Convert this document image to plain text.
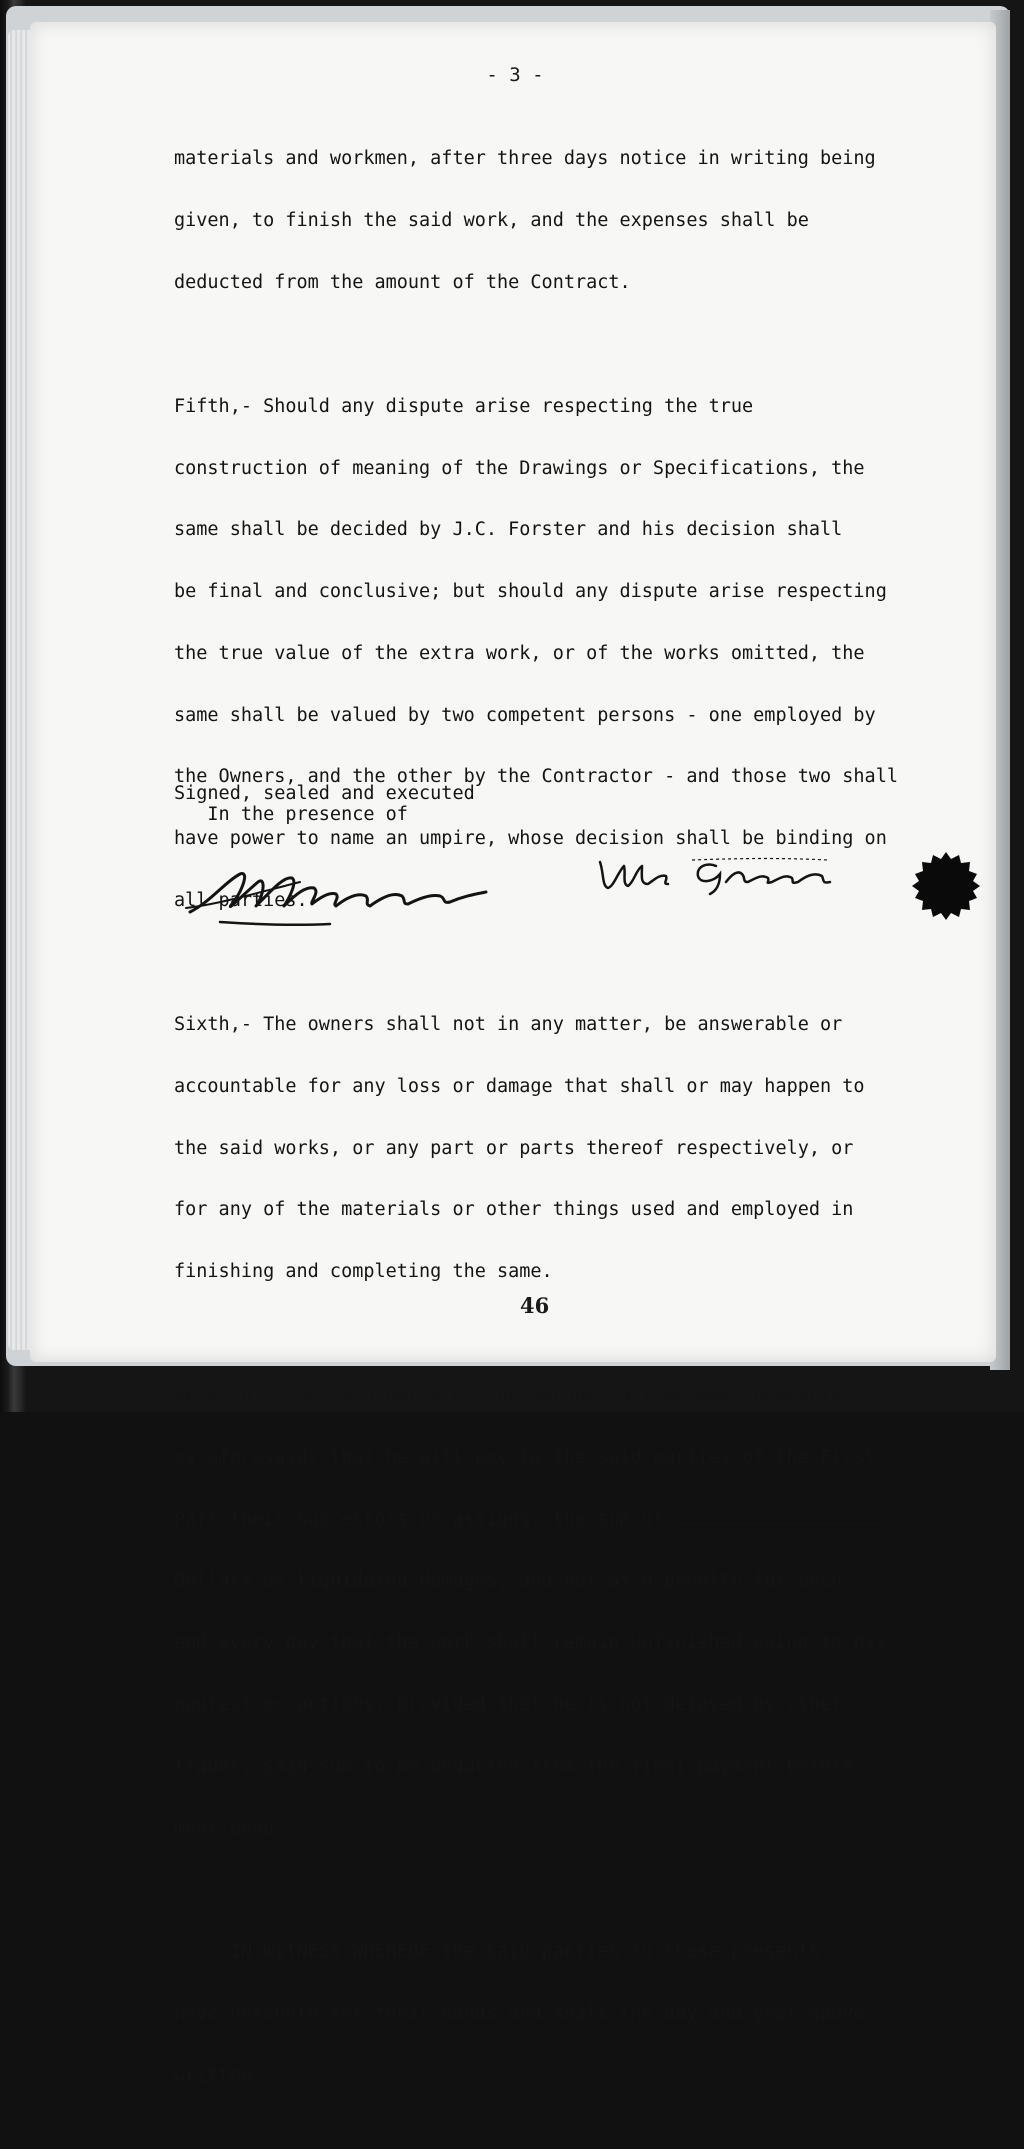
- 3 -

materials and workmen, after three days notice in writing being

given, to finish the said work, and the expenses shall be

deducted from the amount of the Contract.

Fifth,- Should any dispute arise respecting the true

construction of meaning of the Drawings or Specifications, the

same shall be decided by J.C. Forster and his decision shall

be final and conclusive; but should any dispute arise respecting

the true value of the extra work, or of the works omitted, the

same shall be valued by two competent persons - one employed by

the Owners, and the other by the Contractor - and those two shall

have power to name an umpire, whose decision shall be binding on

all parties.

Sixth,- The owners shall not in any matter, be answerable or

accountable for any loss or damage that shall or may happen to

the said works, or any part or parts thereof respectively, or

for any of the materials or other things used and employed in

finishing and completing the same.

Seventh,- The said party of the Second Part hereby covenants

as aforesaid, that he will pay to the said parties of the First

Part their successors or assigns, the sum of

Dollars as liquidated damages, and not as a penalty for each

and every day that the work shall remain unfinished owing to his

neglect or actions, provided that he is not delayed by other

trades, said sum to be deducted from the final payment before

mentioned.

IN WITNESS WHEREOF the said parties to these presents

have hereunto set their hands and seals the day and year above

written.

Signed, sealed and executed
In the presence of
46
